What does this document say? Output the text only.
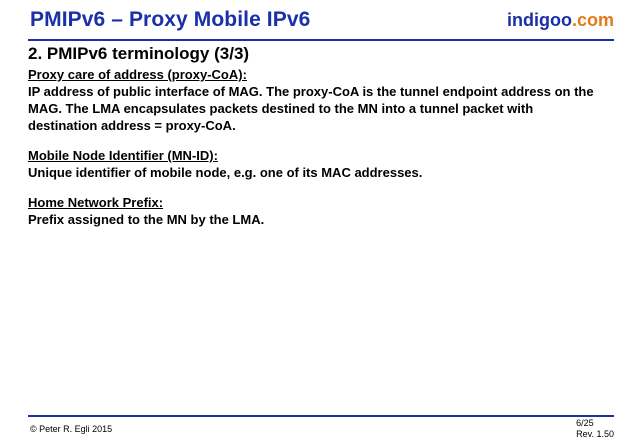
PMIPv6 – Proxy Mobile IPv6	indigoo.com
2. PMIPv6 terminology (3/3)
Proxy care of address (proxy-CoA):
IP address of public interface of MAG. The proxy-CoA is the tunnel endpoint address on the
MAG. The LMA encapsulates packets destined to the MN into a tunnel packet with
destination address = proxy-CoA.
Mobile Node Identifier (MN-ID):
Unique identifier of mobile node, e.g. one of its MAC addresses.
Home Network Prefix:
Prefix assigned to the MN by the LMA.
© Peter R. Egli 2015
6/25
Rev. 1.50
